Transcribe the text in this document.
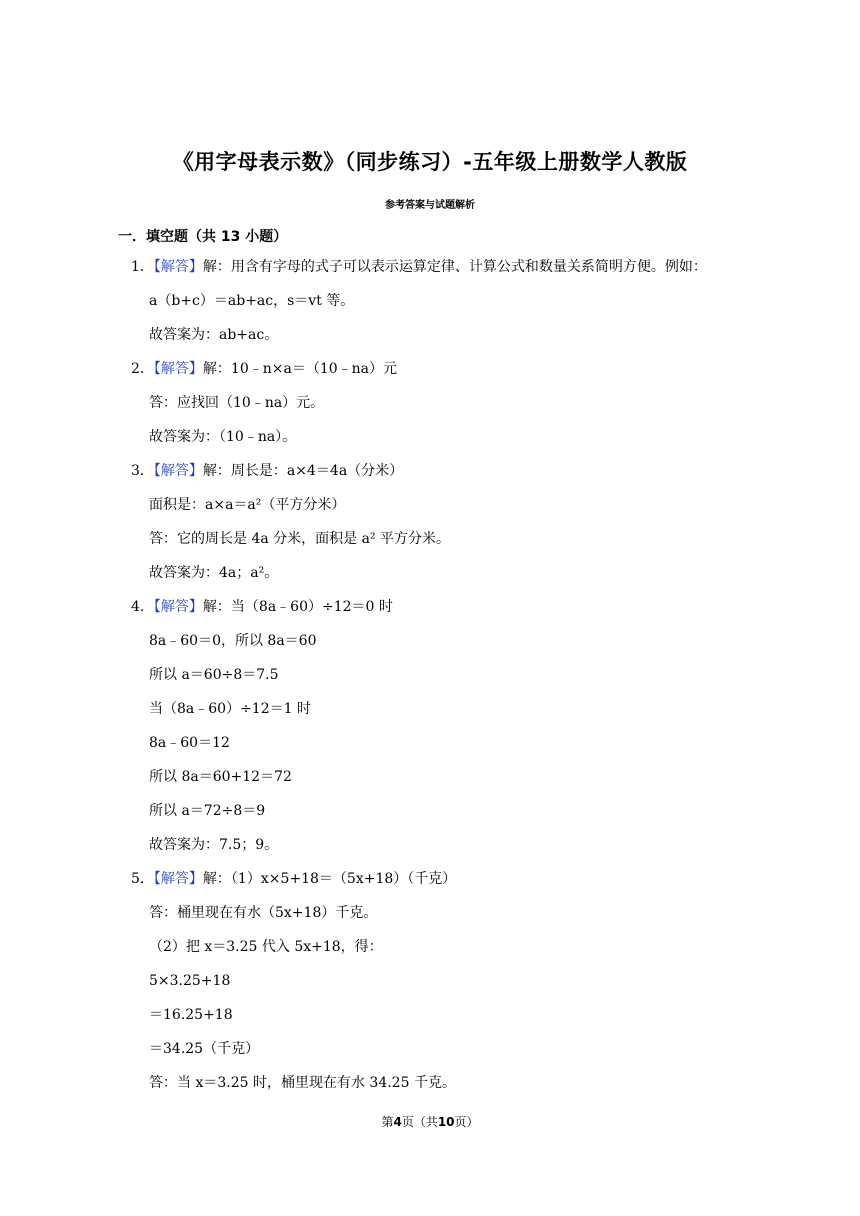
《用字母表示数》（同步练习）-五年级上册数学人教版
参考答案与试题解析
一．填空题（共 13 小题）
1．【解答】解：用含有字母的式子可以表示运算定律、计算公式和数量关系简明方便。例如：
a（b+c）＝ab+ac，s＝vt 等。
故答案为：ab+ac。
2．【解答】解：10﹣n×a＝（10﹣na）元
答：应找回（10﹣na）元。
故答案为：（10﹣na）。
3．【解答】解：周长是：a×4＝4a（分米）
面积是：a×a＝a²（平方分米）
答：它的周长是 4a 分米，面积是 a² 平方分米。
故答案为：4a；a²。
4．【解答】解：当（8a﹣60）÷12＝0 时
8a﹣60＝0，所以 8a＝60
所以 a＝60÷8＝7.5
当（8a﹣60）÷12＝1 时
8a﹣60＝12
所以 8a＝60+12＝72
所以 a＝72÷8＝9
故答案为：7.5；9。
5．【解答】解：（1）x×5+18＝（5x+18）（千克）
答：桶里现在有水（5x+18）千克。
（2）把 x＝3.25 代入 5x+18，得：
5×3.25+18
＝16.25+18
＝34.25（千克）
答：当 x＝3.25 时，桶里现在有水 34.25 千克。
第4页（共10页）
